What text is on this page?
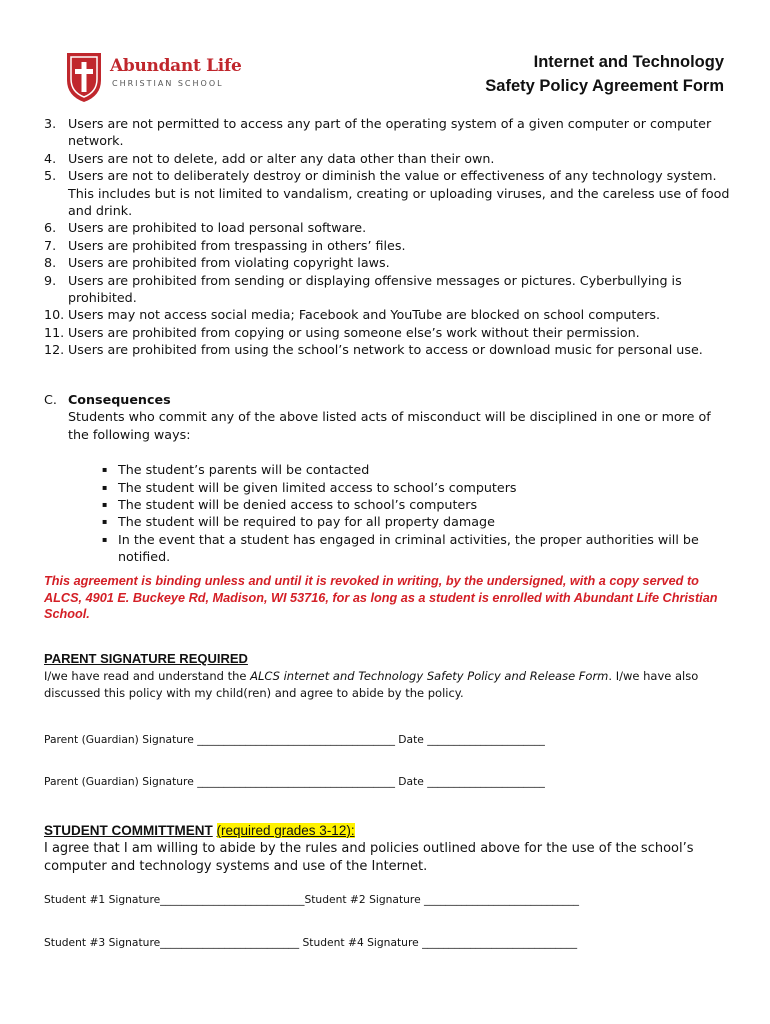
Abundant Life
CHRISTIAN SCHOOL
Internet and Technology
Safety Policy Agreement Form
3. Users are not permitted to access any part of the operating system of a given computer or computer network.
4. Users are not to delete, add or alter any data other than their own.
5. Users are not to deliberately destroy or diminish the value or effectiveness of any technology system. This includes but is not limited to vandalism, creating or uploading viruses, and the careless use of food and drink.
6. Users are prohibited to load personal software.
7. Users are prohibited from trespassing in others’ files.
8. Users are prohibited from violating copyright laws.
9. Users are prohibited from sending or displaying offensive messages or pictures. Cyberbullying is prohibited.
10. Users may not access social media; Facebook and YouTube are blocked on school computers.
11. Users are prohibited from copying or using someone else’s work without their permission.
12. Users are prohibited from using the school’s network to access or download music for personal use.
C. Consequences
Students who commit any of the above listed acts of misconduct will be disciplined in one or more of the following ways:
▪ The student’s parents will be contacted
▪ The student will be given limited access to school’s computers
▪ The student will be denied access to school’s computers
▪ The student will be required to pay for all property damage
▪ In the event that a student has engaged in criminal activities, the proper authorities will be notified.
This agreement is binding unless and until it is revoked in writing, by the undersigned, with a copy served to ALCS, 4901 E. Buckeye Rd, Madison, WI 53716, for as long as a student is enrolled with Abundant Life Christian School.
PARENT SIGNATURE REQUIRED
I/we have read and understand the ALCS internet and Technology Safety Policy and Release Form. I/we have also discussed this policy with my child(ren) and agree to abide by the policy.
Parent (Guardian) Signature _____________________________________ Date ______________________
Parent (Guardian) Signature _____________________________________ Date ______________________
STUDENT COMMITTMENT (required grades 3-12):
I agree that I am willing to abide by the rules and policies outlined above for the use of the school’s computer and technology systems and use of the Internet.
Student #1 Signature___________________________Student #2 Signature _____________________________
Student #3 Signature__________________________ Student #4 Signature _____________________________
